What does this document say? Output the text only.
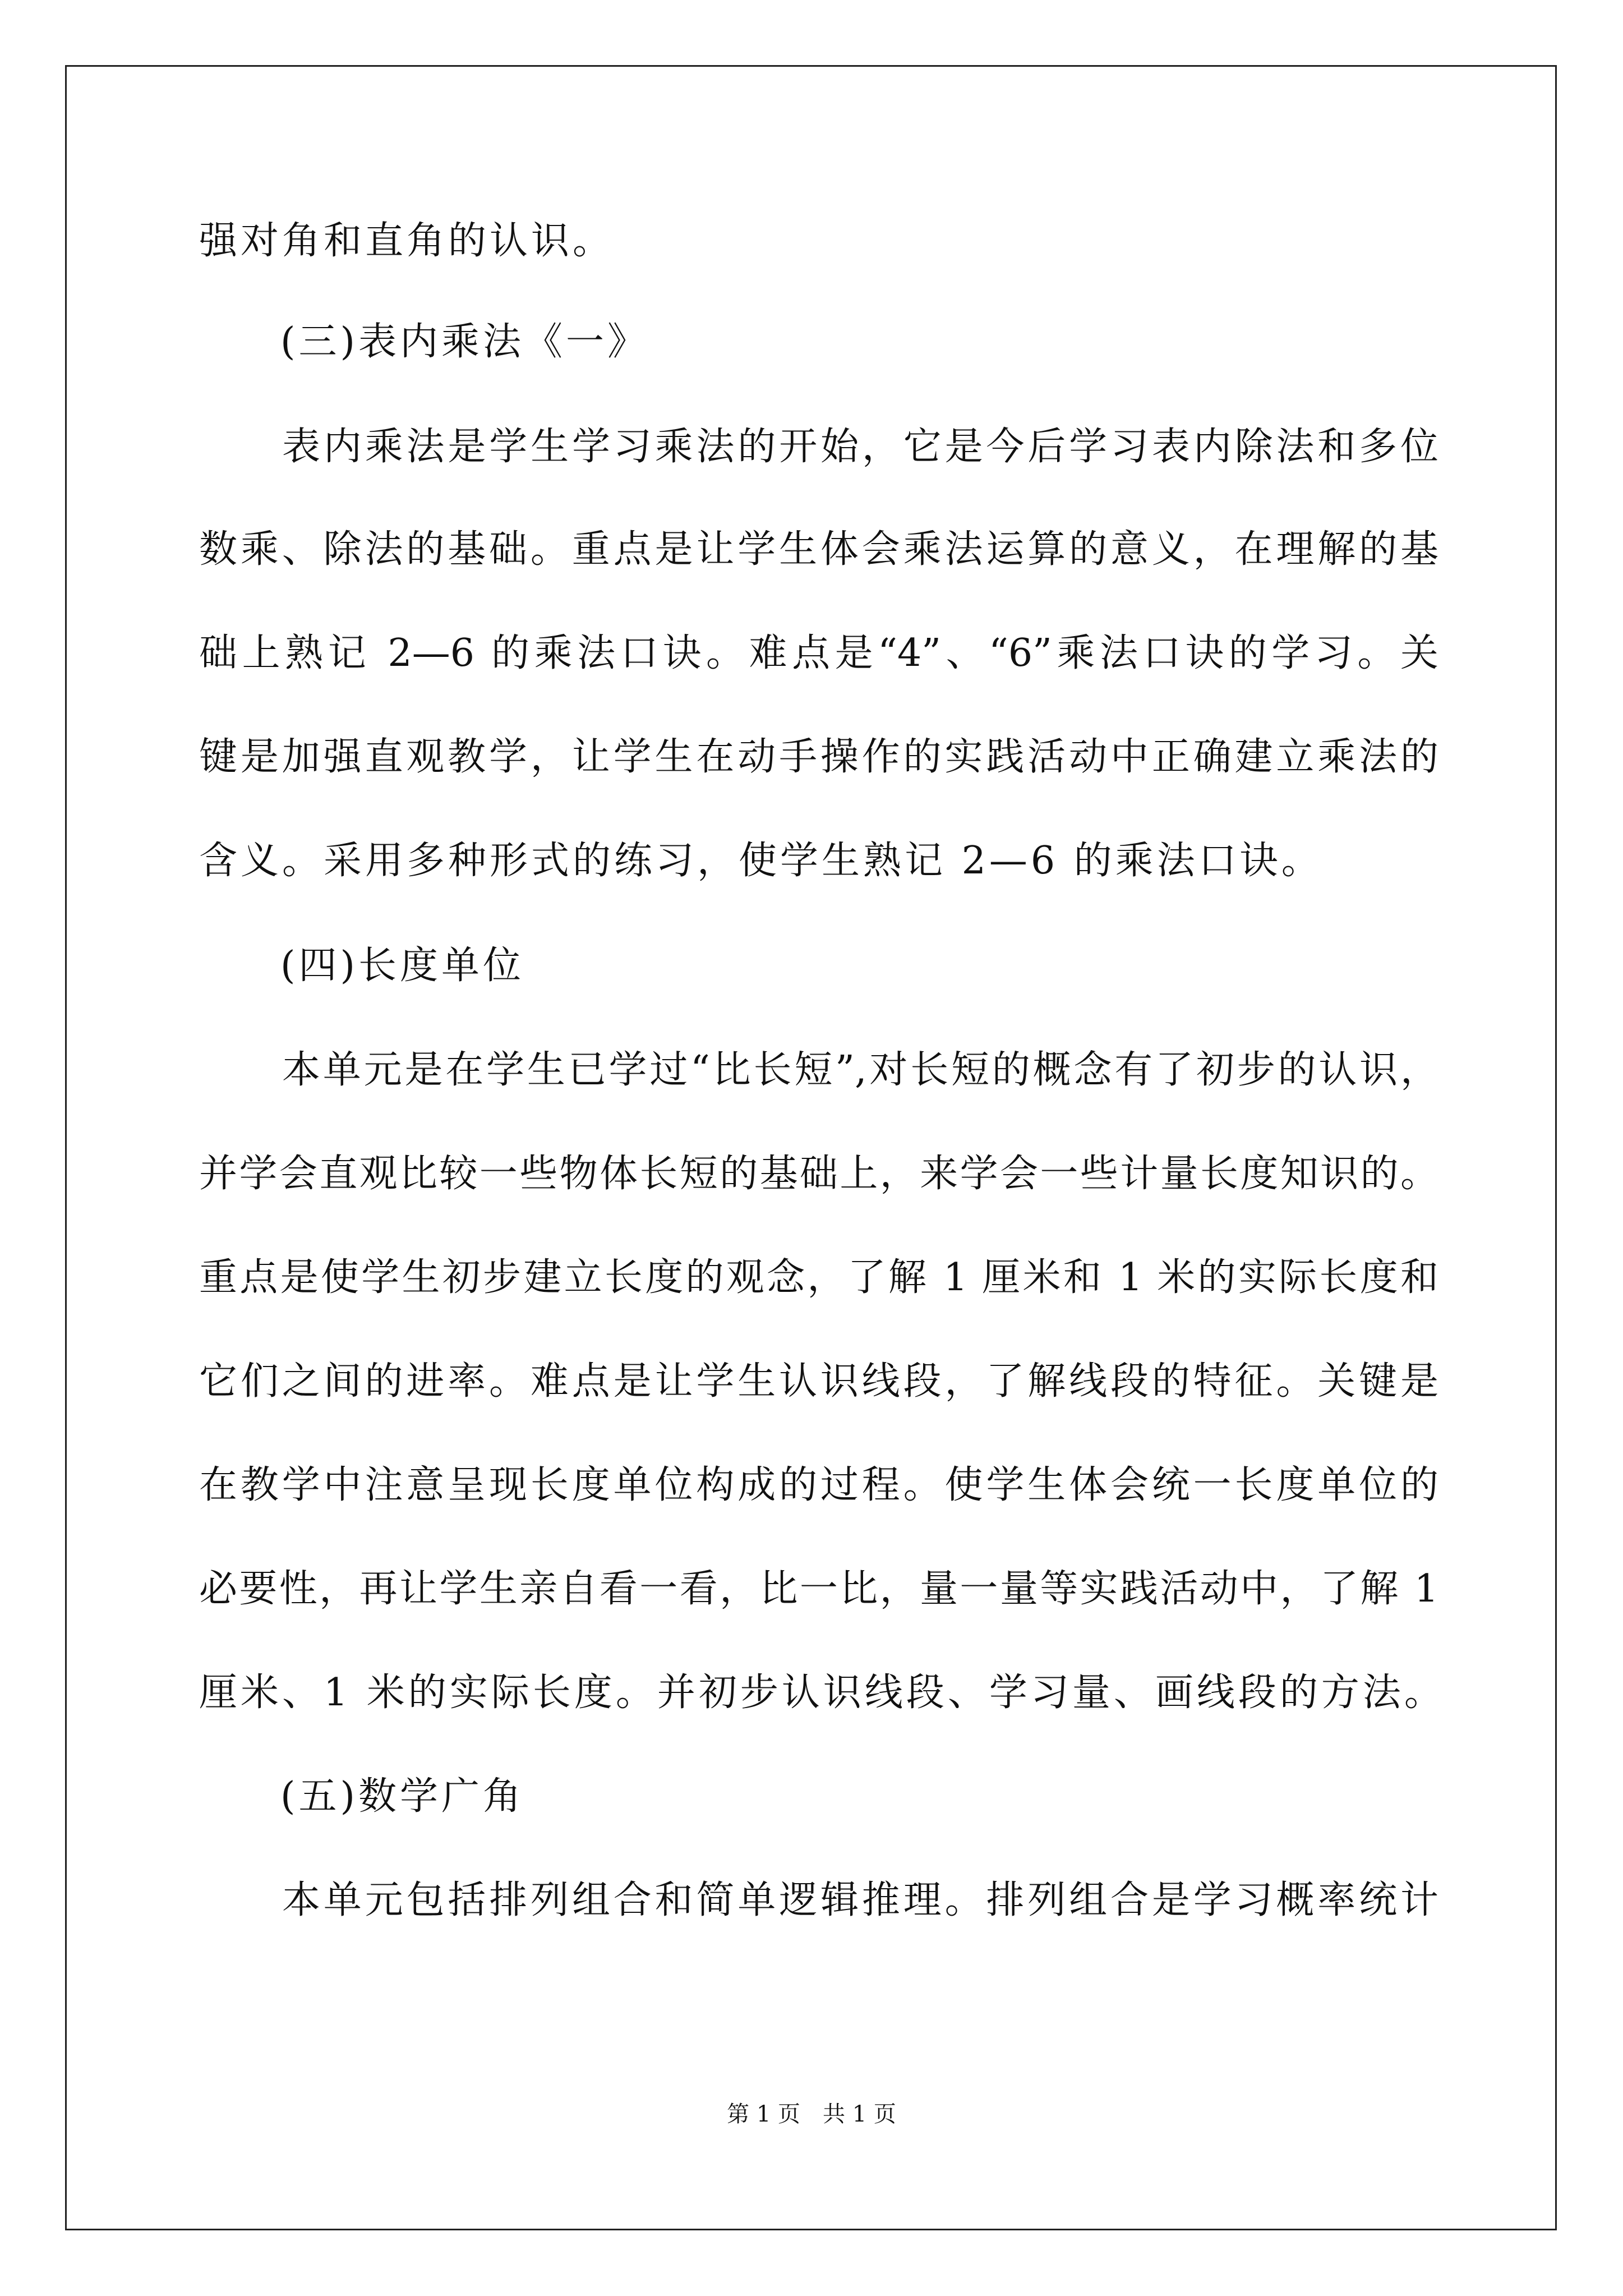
强对角和直角的认识。
(三)表内乘法《一》
表内乘法是学生学习乘法的开始，它是今后学习表内除法和多位
数乘、除法的基础。重点是让学生体会乘法运算的意义，在理解的基
础上熟记 2—6 的乘法口诀。难点是“4”、“6”乘法口诀的学习。关
键是加强直观教学，让学生在动手操作的实践活动中正确建立乘法的
含义。采用多种形式的练习，使学生熟记 2—6 的乘法口诀。
(四)长度单位
本单元是在学生已学过“比长短”,对长短的概念有了初步的认识，
并学会直观比较一些物体长短的基础上，来学会一些计量长度知识的。
重点是使学生初步建立长度的观念，了解 1 厘米和 1 米的实际长度和
它们之间的进率。难点是让学生认识线段，了解线段的特征。关键是
在教学中注意呈现长度单位构成的过程。使学生体会统一长度单位的
必要性，再让学生亲自看一看，比一比，量一量等实践活动中，了解 1
厘米、1 米的实际长度。并初步认识线段、学习量、画线段的方法。
(五)数学广角
本单元包括排列组合和简单逻辑推理。排列组合是学习概率统计
第 1 页　共 1 页
